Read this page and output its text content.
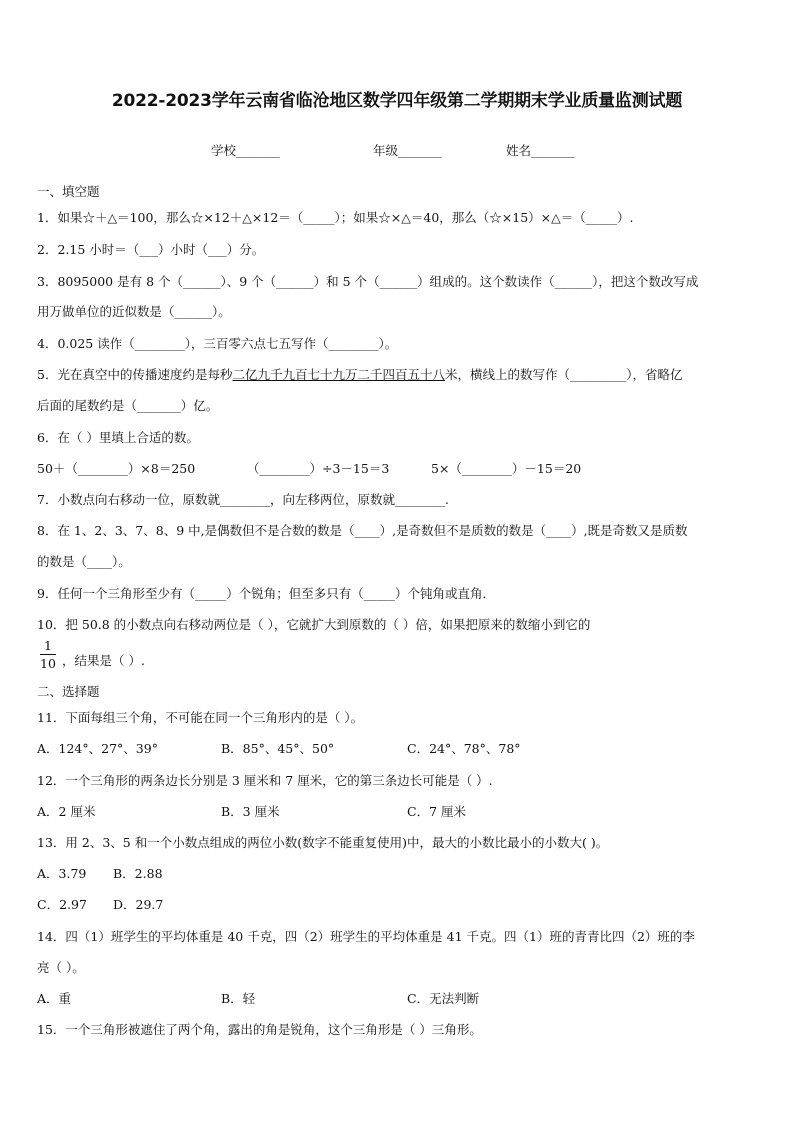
2022-2023学年云南省临沧地区数学四年级第二学期期末学业质量监测试题
学校_______	年级_______	姓名_______
一、填空题
1．如果☆＋△＝100，那么☆×12＋△×12＝（_____）；如果☆×△＝40，那么（☆×15）×△＝（_____）.
2．2.15 小时＝（___）小时（___）分。
3．8095000 是有 8 个（______）、9 个（______）和 5 个（______）组成的。这个数读作（______），把这个数改写成
用万做单位的近似数是（______）。
4．0.025 读作（________），三百零六点七五写作（________）。
5．光在真空中的传播速度约是每秒二亿九千九百七十九万二千四百五十八米，横线上的数写作（_________），省略亿
后面的尾数约是（_______）亿。
6．在（ ）里填上合适的数。
50＋（________）×8＝250	（________）÷3－15＝3	5×（________）－15＝20
7．小数点向右移动一位，原数就________，向左移两位，原数就________.
8．在 1、2、3、7、8、9 中,是偶数但不是合数的数是（____）,是奇数但不是质数的数是（____）,既是奇数又是质数
的数是（____）。
9．任何一个三角形至少有（_____）个锐角；但至多只有（_____）个钝角或直角．
10．把 50.8 的小数点向右移动两位是（ ），它就扩大到原数的（ ）倍，如果把原来的数缩小到它的
1
10 ，结果是（ ）.
二、选择题
11．下面每组三个角，不可能在同一个三角形内的是（ ）。
A．124°、27°、39°	B．85°、45°、50°	C．24°、78°、78°
12．一个三角形的两条边长分别是 3 厘米和 7 厘米，它的第三条边长可能是（ ）.
A．2 厘米	B．3 厘米	C．7 厘米
13．用 2、3、5 和一个小数点组成的两位小数(数字不能重复使用)中，最大的小数比最小的小数大( )。
A．3.79 B．2.88
C．2.97 D．29.7
14．四（1）班学生的平均体重是 40 千克，四（2）班学生的平均体重是 41 千克。四（1）班的青青比四（2）班的李
亮（ ）。
A．重	B．轻	C．无法判断
15．一个三角形被遮住了两个角，露出的角是锐角，这个三角形是（ ）三角形。
